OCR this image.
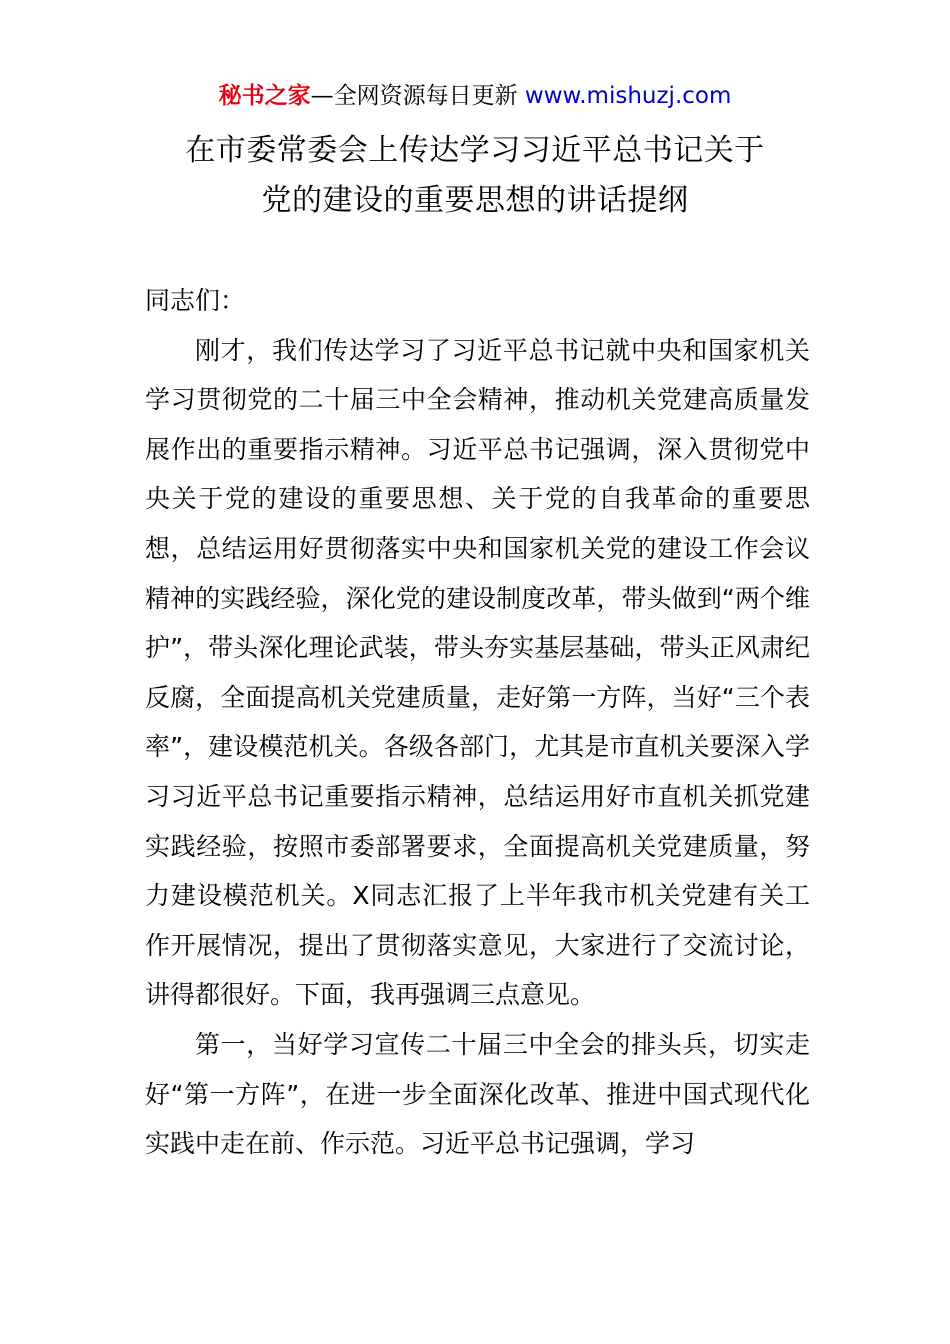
秘书之家—全网资源每日更新 www.mishuzj.com
在市委常委会上传达学习习近平总书记关于
党的建设的重要思想的讲话提纲

同志们：

刚才，我们传达学习了习近平总书记就中央和国家机关学习贯彻党的二十届三中全会精神，推动机关党建高质量发展作出的重要指示精神。习近平总书记强调，深入贯彻党中央关于党的建设的重要思想、关于党的自我革命的重要思想，总结运用好贯彻落实中央和国家机关党的建设工作会议精神的实践经验，深化党的建设制度改革，带头做到“两个维护”，带头深化理论武装，带头夯实基层基础，带头正风肃纪反腐，全面提高机关党建质量，走好第一方阵，当好“三个表率”，建设模范机关。各级各部门，尤其是市直机关要深入学习习近平总书记重要指示精神，总结运用好市直机关抓党建实践经验，按照市委部署要求，全面提高机关党建质量，努力建设模范机关。X同志汇报了上半年我市机关党建有关工作开展情况，提出了贯彻落实意见，大家进行了交流讨论，讲得都很好。下面，我再强调三点意见。

第一，当好学习宣传二十届三中全会的排头兵，切实走好“第一方阵”，在进一步全面深化改革、推进中国式现代化实践中走在前、作示范。习近平总书记强调，学习
